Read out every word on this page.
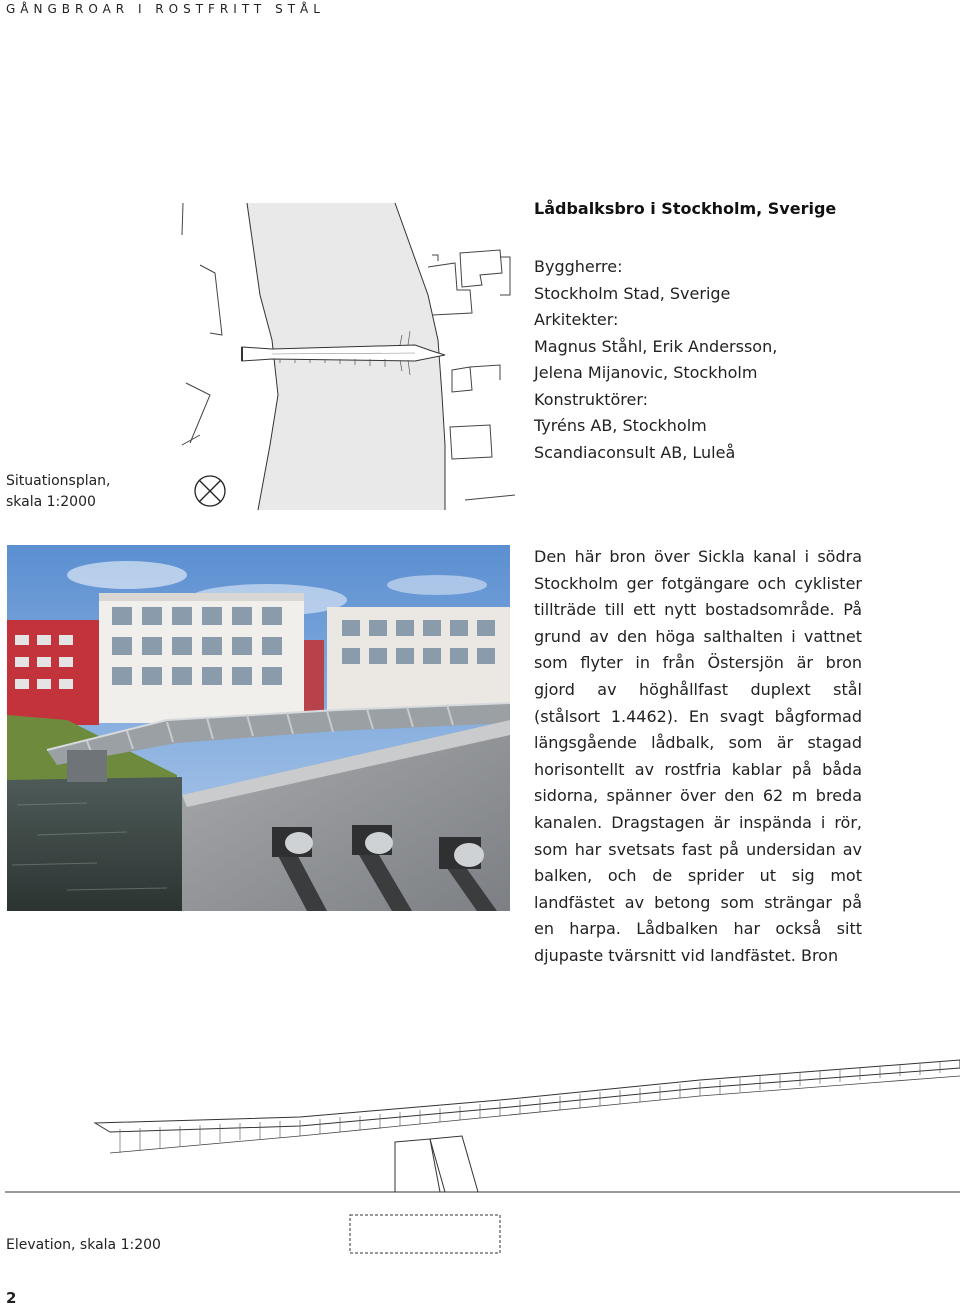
GÅNGBROAR I ROSTFRITT STÅL
Situationsplan,
skala 1:2000
Lådbalksbro i Stockholm, Sverige
Byggherre:
Stockholm Stad, Sverige
Arkitekter:
Magnus Ståhl, Erik Andersson,
Jelena Mijanovic, Stockholm
Konstruktörer:
Tyréns AB, Stockholm
Scandiaconsult AB, Luleå

Den här bron över Sickla kanal i södra Stockholm ger fotgängare och cyklister tillträde till ett nytt bostadsområde. På grund av den höga salthalten i vattnet som flyter in från Östersjön är bron gjord av höghållfast duplext stål (stålsort 1.4462). En svagt bågformad längsgående lådbalk, som är stagad horisontellt av rostfria kablar på båda sidorna, spänner över den 62 m breda kanalen. Dragstagen är inspända i rör, som har svetsats fast på undersidan av balken, och de sprider ut sig mot landfästet av betong som strängar på en harpa. Lådbalken har också sitt djupaste tvärsnitt vid landfästet. Bron

Elevation, skala 1:200
2
